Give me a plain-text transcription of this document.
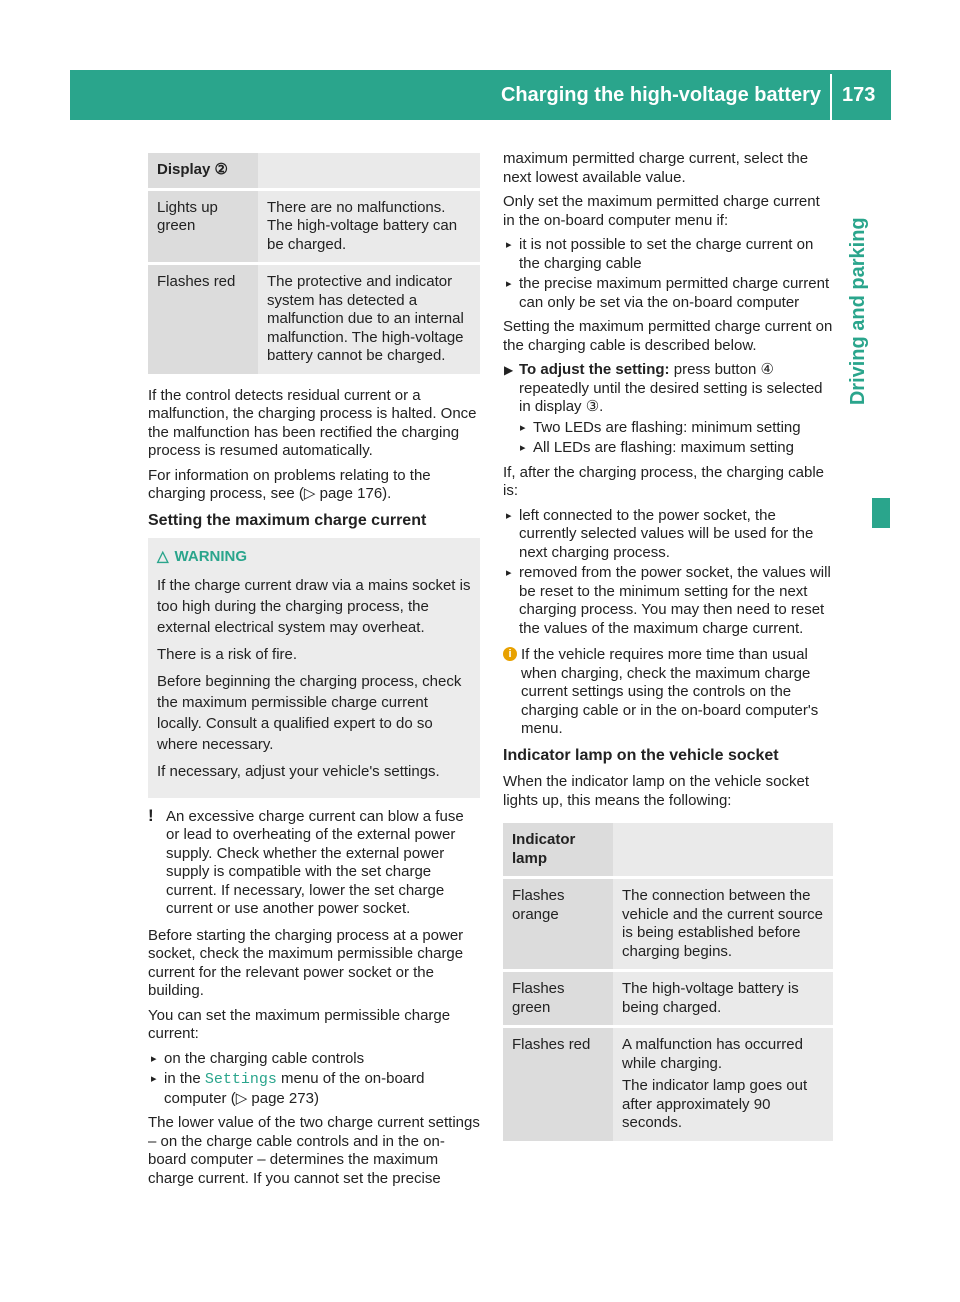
Charging the high-voltage battery 173
Driving and parking
Display ②	
Lights up green	There are no malfunctions. The high-voltage battery can be charged.
Flashes red	The protective and indicator system has detected a malfunction due to an internal malfunction. The high-voltage battery cannot be charged.

If the control detects residual current or a malfunction, the charging process is halted. Once the malfunction has been rectified the charging process is resumed automatically.

For information on problems relating to the charging process, see (▷ page 176).

Setting the maximum charge current
△ WARNING

If the charge current draw via a mains socket is too high during the charging process, the external electrical system may overheat.

There is a risk of fire.

Before beginning the charging process, check the maximum permissible charge current locally. Consult a qualified expert to do so where necessary.

If necessary, adjust your vehicle's settings.

! An excessive charge current can blow a fuse or lead to overheating of the external power supply. Check whether the external power supply is compatible with the set charge current. If necessary, lower the set charge current or use another power socket.

Before starting the charging process at a power socket, check the maximum permissible charge current for the relevant power socket or the building.

You can set the maximum permissible charge current:

▸ on the charging cable controls
▸ in the Settings menu of the on-board computer (▷ page 273)

The lower value of the two charge current settings – on the charge cable controls and in the on-board computer – determines the maximum charge current. If you cannot set the precise

maximum permitted charge current, select the next lowest available value.

Only set the maximum permitted charge current in the on-board computer menu if:

▸ it is not possible to set the charge current on the charging cable
▸ the precise maximum permitted charge current can only be set via the on-board computer

Setting the maximum permitted charge current on the charging cable is described below.

▶ To adjust the setting: press button ④ repeatedly until the desired setting is selected in display ③.
▸ Two LEDs are flashing: minimum setting
▸ All LEDs are flashing: maximum setting

If, after the charging process, the charging cable is:

▸ left connected to the power socket, the currently selected values will be used for the next charging process.
▸ removed from the power socket, the values will be reset to the minimum setting for the next charging process. You may then need to reset the values of the maximum charge current.
i If the vehicle requires more time than usual when charging, check the maximum charge current settings using the controls on the charging cable or in the on-board computer's menu.
Indicator lamp on the vehicle socket

When the indicator lamp on the vehicle socket lights up, this means the following:

Indicator lamp	
Flashes orange	The connection between the vehicle and the current source is being established before charging begins.
Flashes green	The high-voltage battery is being charged.
Flashes red	A malfunction has occurred while charging.
The indicator lamp goes out after approximately 90 seconds.
